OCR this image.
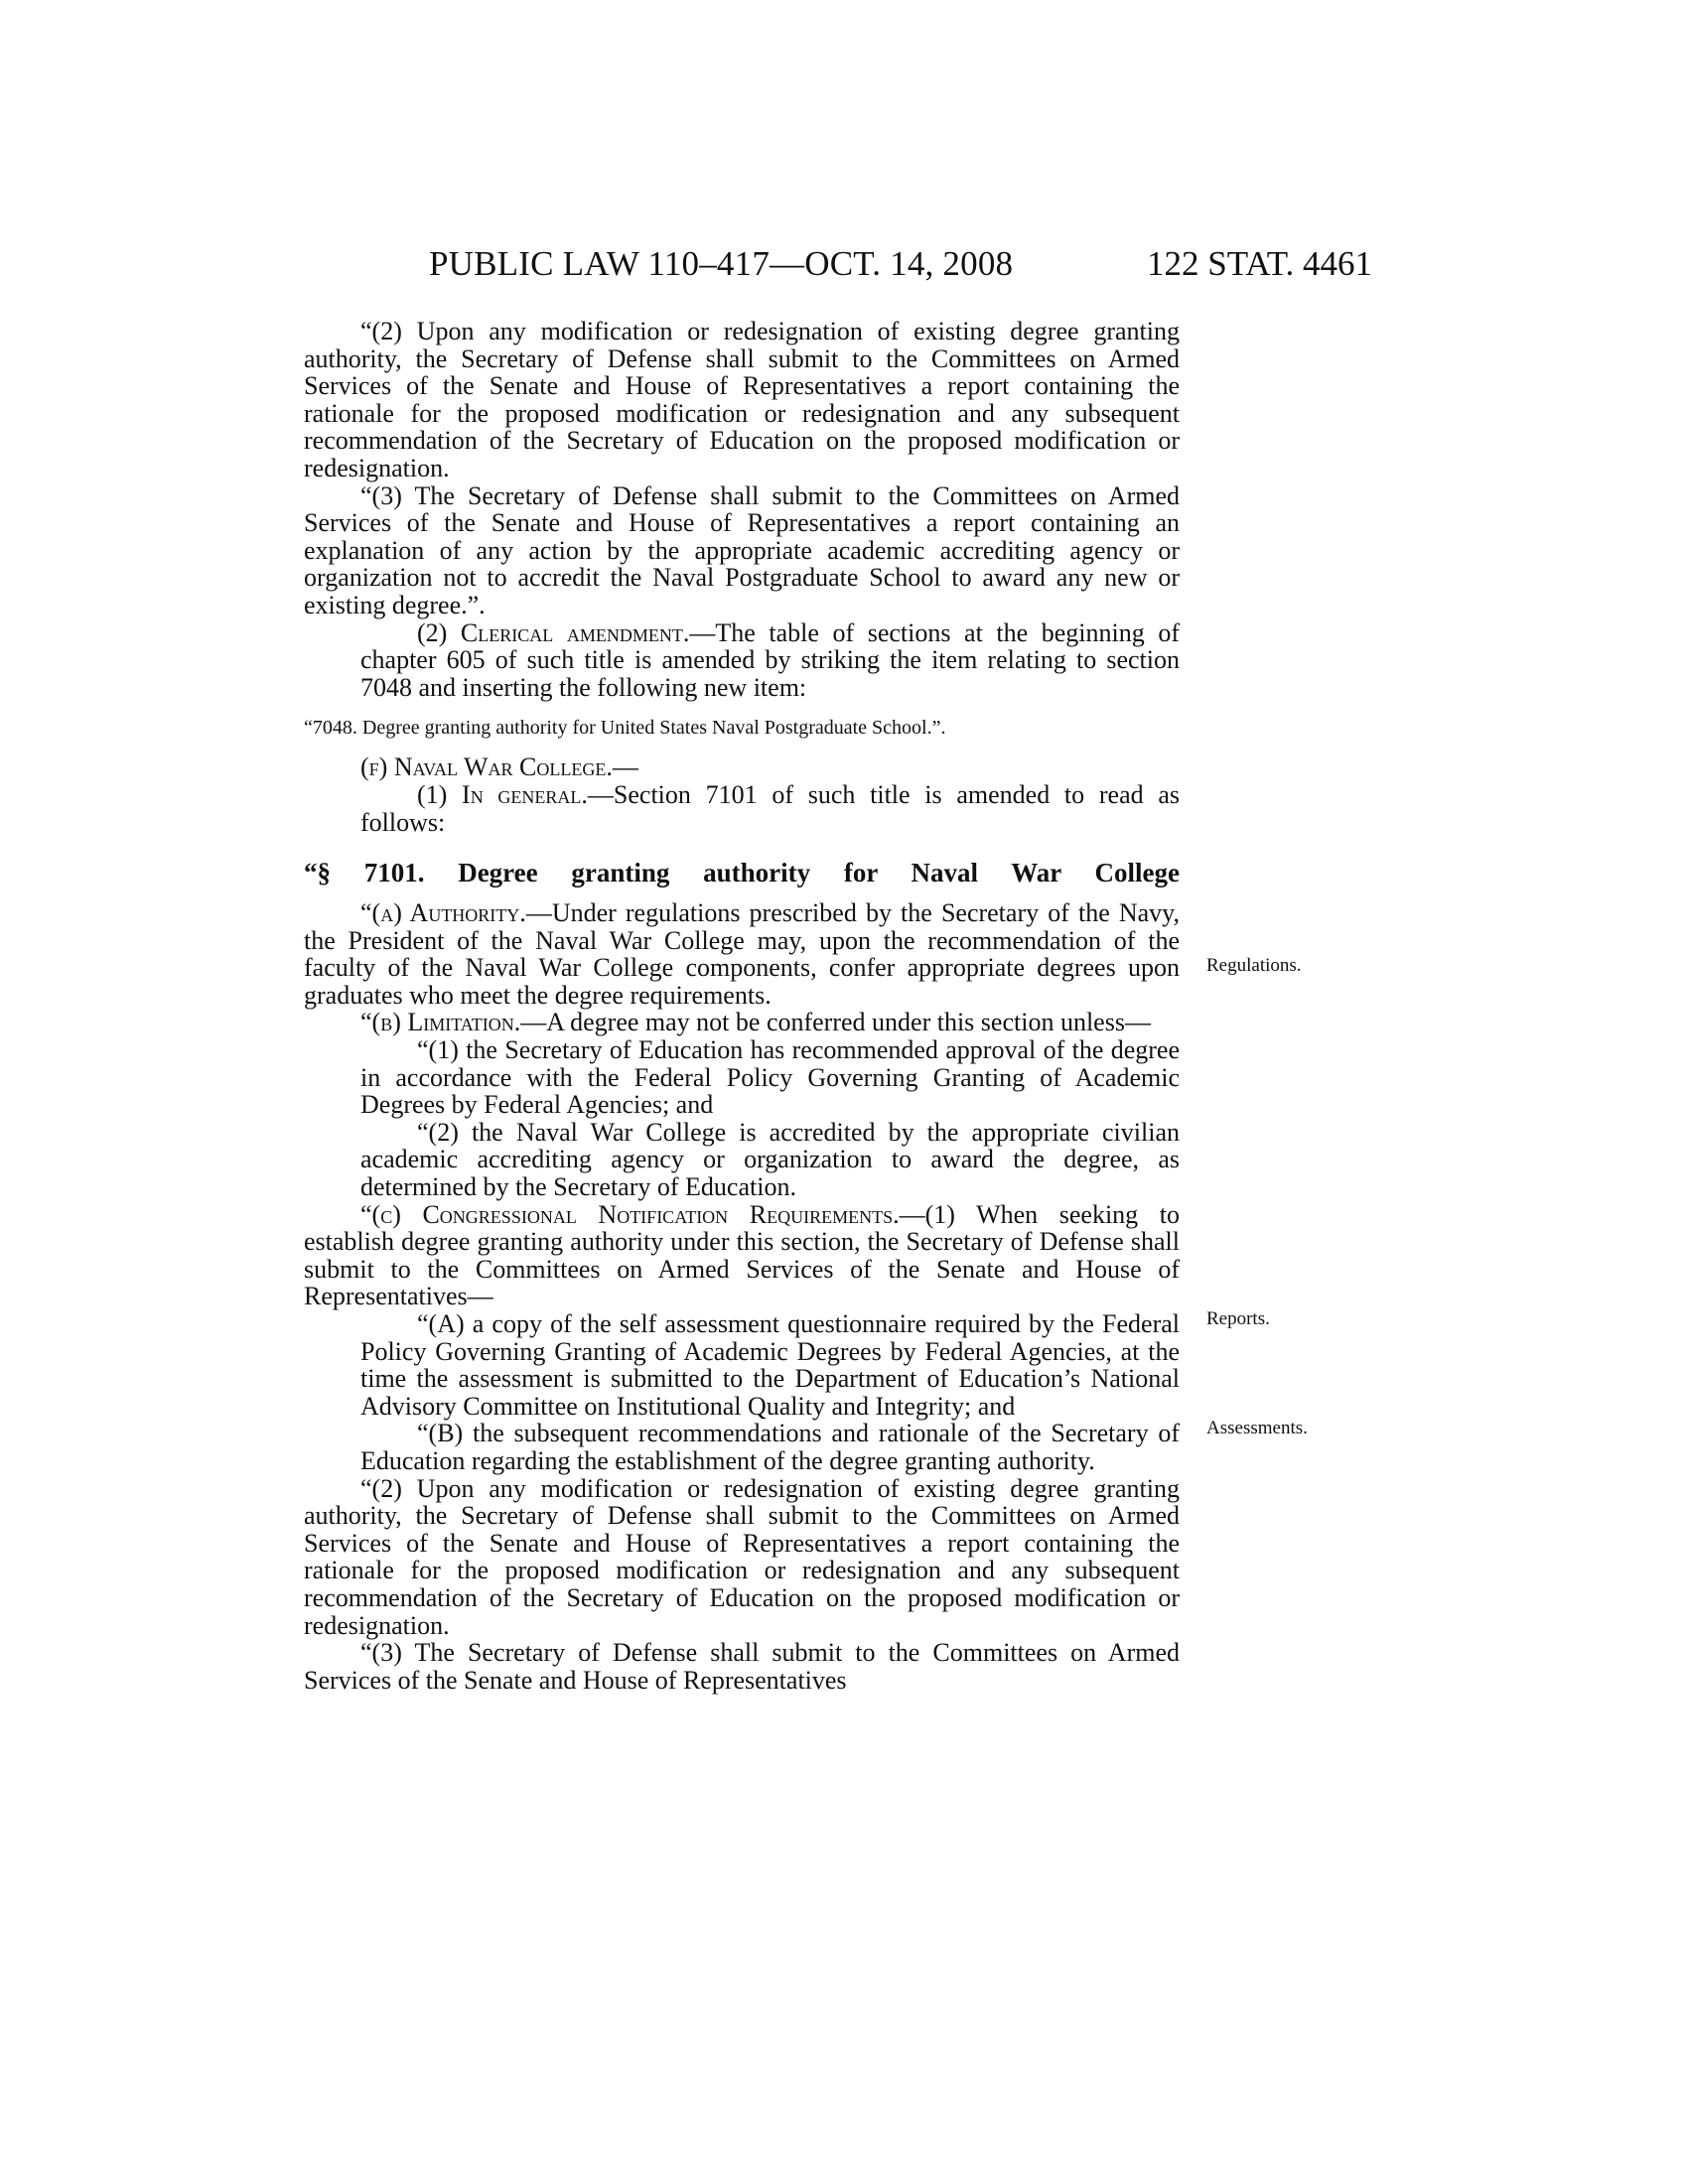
PUBLIC LAW 110–417—OCT. 14, 2008	122 STAT. 4461

“(2) Upon any modification or redesignation of existing degree granting authority, the Secretary of Defense shall submit to the Committees on Armed Services of the Senate and House of Representatives a report containing the rationale for the proposed modification or redesignation and any subsequent recommendation of the Secretary of Education on the proposed modification or redesignation.

“(3) The Secretary of Defense shall submit to the Committees on Armed Services of the Senate and House of Representatives a report containing an explanation of any action by the appropriate academic accrediting agency or organization not to accredit the Naval Postgraduate School to award any new or existing degree.”.

(2) Clerical amendment.—The table of sections at the beginning of chapter 605 of such title is amended by striking the item relating to section 7048 and inserting the following new item:

“7048. Degree granting authority for United States Naval Postgraduate School.”.

(f) Naval War College.—

(1) In general.—Section 7101 of such title is amended to read as follows:

“§ 7101. Degree granting authority for Naval War College

“(a) Authority.—Under regulations prescribed by the Secretary of the Navy, the President of the Naval War College may, upon the recommendation of the faculty of the Naval War College components, confer appropriate degrees upon graduates who meet the degree requirements.

“(b) Limitation.—A degree may not be conferred under this section unless—

“(1) the Secretary of Education has recommended approval of the degree in accordance with the Federal Policy Governing Granting of Academic Degrees by Federal Agencies; and

“(2) the Naval War College is accredited by the appropriate civilian academic accrediting agency or organization to award the degree, as determined by the Secretary of Education.

“(c) Congressional Notification Requirements.—(1) When seeking to establish degree granting authority under this section, the Secretary of Defense shall submit to the Committees on Armed Services of the Senate and House of Representatives—

“(A) a copy of the self assessment questionnaire required by the Federal Policy Governing Granting of Academic Degrees by Federal Agencies, at the time the assessment is submitted to the Department of Education’s National Advisory Committee on Institutional Quality and Integrity; and

“(B) the subsequent recommendations and rationale of the Secretary of Education regarding the establishment of the degree granting authority.

“(2) Upon any modification or redesignation of existing degree granting authority, the Secretary of Defense shall submit to the Committees on Armed Services of the Senate and House of Representatives a report containing the rationale for the proposed modification or redesignation and any subsequent recommendation of the Secretary of Education on the proposed modification or redesignation.

“(3) The Secretary of Defense shall submit to the Committees on Armed Services of the Senate and House of Representatives

Regulations.
Reports.
Assessments.
